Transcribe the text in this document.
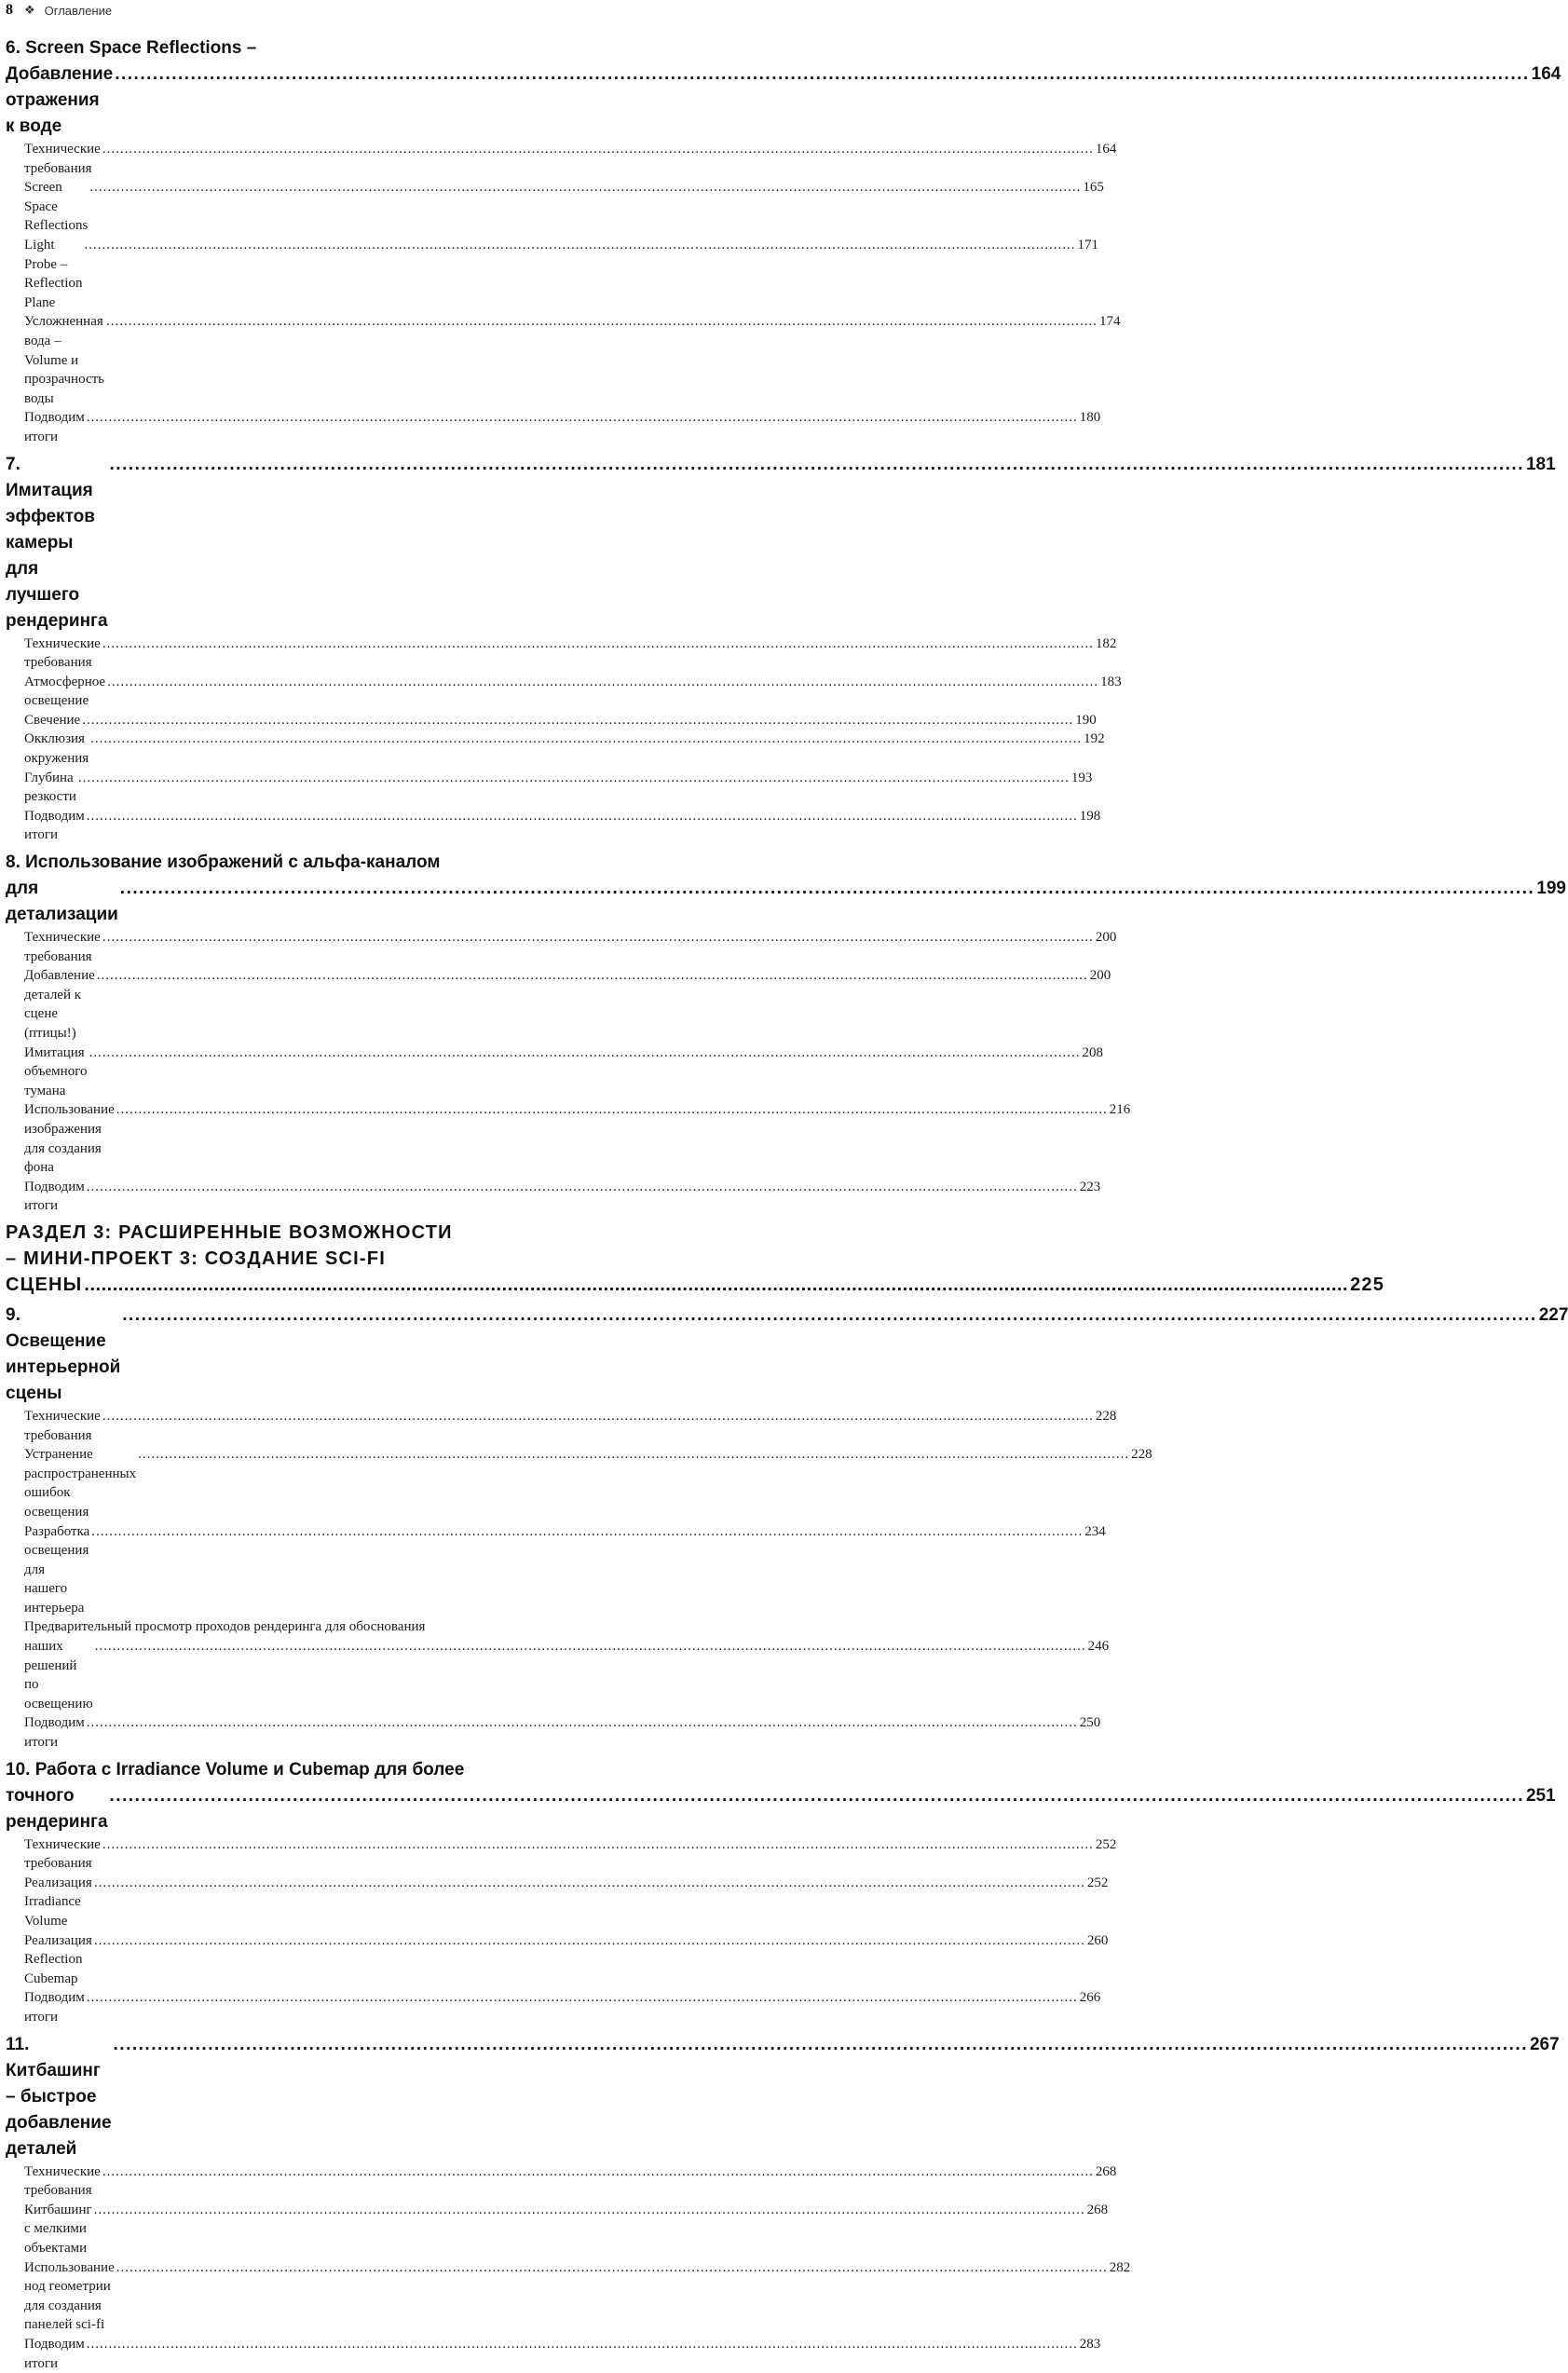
8 ❖ Оглавление
6. Screen Space Reflections –
Добавление отражения к воде
.....
164
Технические требования
.....
164
Screen Space Reflections
.....
165
Light Probe – Reflection Plane
.....
171
Усложненная вода – Volume и прозрачность воды
.....
174
Подводим итоги
.....
180
7. Имитация эффектов камеры для лучшего рендеринга
.....
181
Технические требования
.....
182
Атмосферное освещение
.....
183
Свечение .....	190
Окклюзия окружения
.....
192
Глубина резкости
.....
193
Подводим итоги
.....
198
8. Использование изображений с альфа-каналом
для детализации
.....
199
Технические требования
.....
200
Добавление деталей к сцене (птицы!)
.....
200
Имитация объемного тумана
.....
208
Использование изображения для создания фона
.....
216
Подводим итоги
.....
223
РАЗДЕЛ 3: РАСШИРЕННЫЕ ВОЗМОЖНОСТИ
– МИНИ-ПРОЕКТ 3: СОЗДАНИЕ SCI-FI СЦЕНЫ .....	225
9. Освещение интерьерной сцены
.....
227
Технические требования
.....
228
Устранение распространенных ошибок освещения
.....
228
Разработка освещения для нашего интерьера
.....
234
Предварительный просмотр проходов рендеринга для обоснования
наших решений по освещению
.....
246
Подводим итоги
.....
250
10. Работа с Irradiance Volume и Cubemap для более
точного рендеринга
.....
251
Технические требования
.....
252
Реализация Irradiance Volume
.....
252
Реализация Reflection Cubemap
.....
260
Подводим итоги
.....
266
11. Китбашинг – быстрое добавление деталей
.....
267
Технические требования
.....
268
Китбашинг с мелкими объектами
.....
268
Использование нод геометрии для создания панелей sci-fi
.....
282
Подводим итоги
.....
283
